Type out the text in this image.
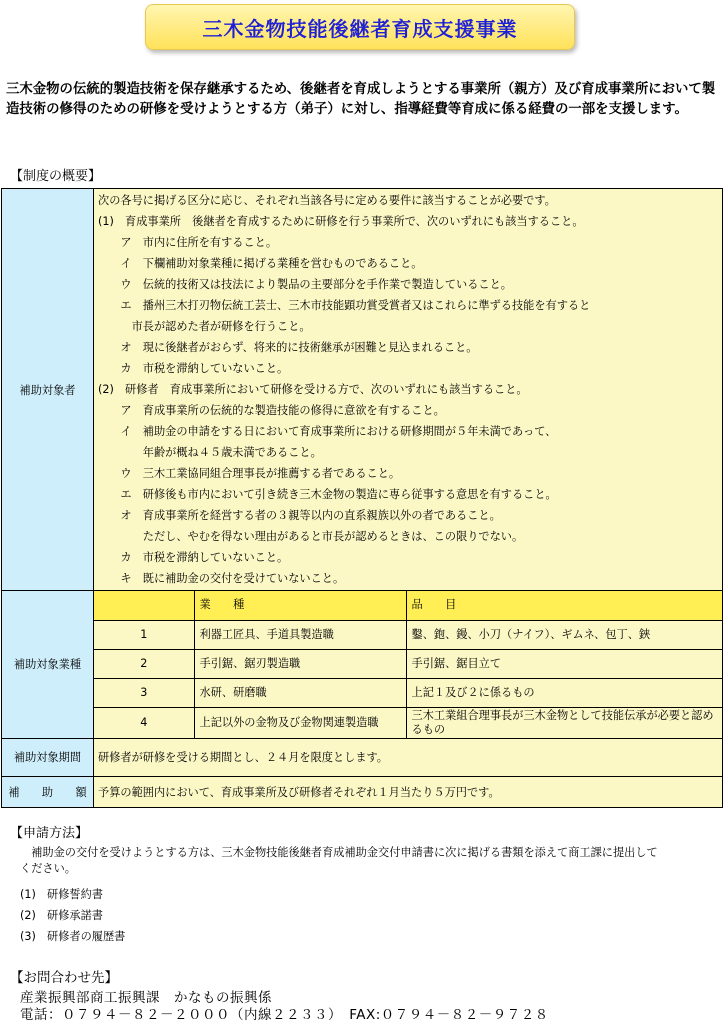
三木金物技能後継者育成支援事業
三木金物の伝統的製造技術を保存継承するため、後継者を育成しようとする事業所（親方）及び育成事業所において製造技術の修得のための研修を受けようとする方（弟子）に対し、指導経費等育成に係る経費の一部を支援します。
【制度の概要】
補助対象者	
次の各号に掲げる区分に応じ、それぞれ当該各号に定める要件に該当することが必要です。
(1)　育成事業所　後継者を育成するために研修を行う事業所で、次のいずれにも該当すること。
　　ア　市内に住所を有すること。
　　イ　下欄補助対象業種に掲げる業種を営むものであること。
　　ウ　伝統的技術又は技法により製品の主要部分を手作業で製造していること。
　　エ　播州三木打刃物伝統工芸士、三木市技能顕功賞受賞者又はこれらに準ずる技能を有すると
　　　市長が認めた者が研修を行うこと。
　　オ　現に後継者がおらず、将来的に技術継承が困難と見込まれること。
　　カ　市税を滞納していないこと。
(2)　研修者　育成事業所において研修を受ける方で、次のいずれにも該当すること。
　　ア　育成事業所の伝統的な製造技能の修得に意欲を有すること。
　　イ　補助金の申請をする日において育成事業所における研修期間が５年未満であって、
　　　　年齢が概ね４５歳未満であること。
　　ウ　三木工業協同組合理事長が推薦する者であること。
　　エ　研修後も市内において引き続き三木金物の製造に専ら従事する意思を有すること。
　　オ　育成事業所を経営する者の３親等以内の直系親族以外の者であること。
　　　　ただし、やむを得ない理由があると市長が認めるときは、この限りでない。
　　カ　市税を滞納していないこと。
　　キ　既に補助金の交付を受けていないこと。

補助対象業種	
	業　　種	品　　目
1	利器工匠具、手道具製造職	鑿、鉋、鏝、小刀（ナイフ）、ギムネ、包丁、鋏
2	手引鋸、鋸刃製造職	手引鋸、鋸目立て
3	水研、研磨職	上記１及び２に係るもの
4	上記以外の金物及び金物関連製造職	三木工業組合理事長が三木金物として技能伝承が必要と認めるもの

補助対象期間	研修者が研修を受ける期間とし、２４月を限度とします。
補　　助　　額	予算の範囲内において、育成事業所及び研修者それぞれ１月当たり５万円です。
【申請方法】
　補助金の交付を受けようとする方は、三木金物技能後継者育成補助金交付申請書に次に掲げる書類を添えて商工課に提出してください。
(1)　研修誓約書
(2)　研修承諾書
(3)　研修者の履歴書
【お問合わせ先】
産業振興部商工振興課　かなもの振興係
電話：０７９４－８２－２０００（内線２２３３）　FAX:０７９４－８２－９７２８
